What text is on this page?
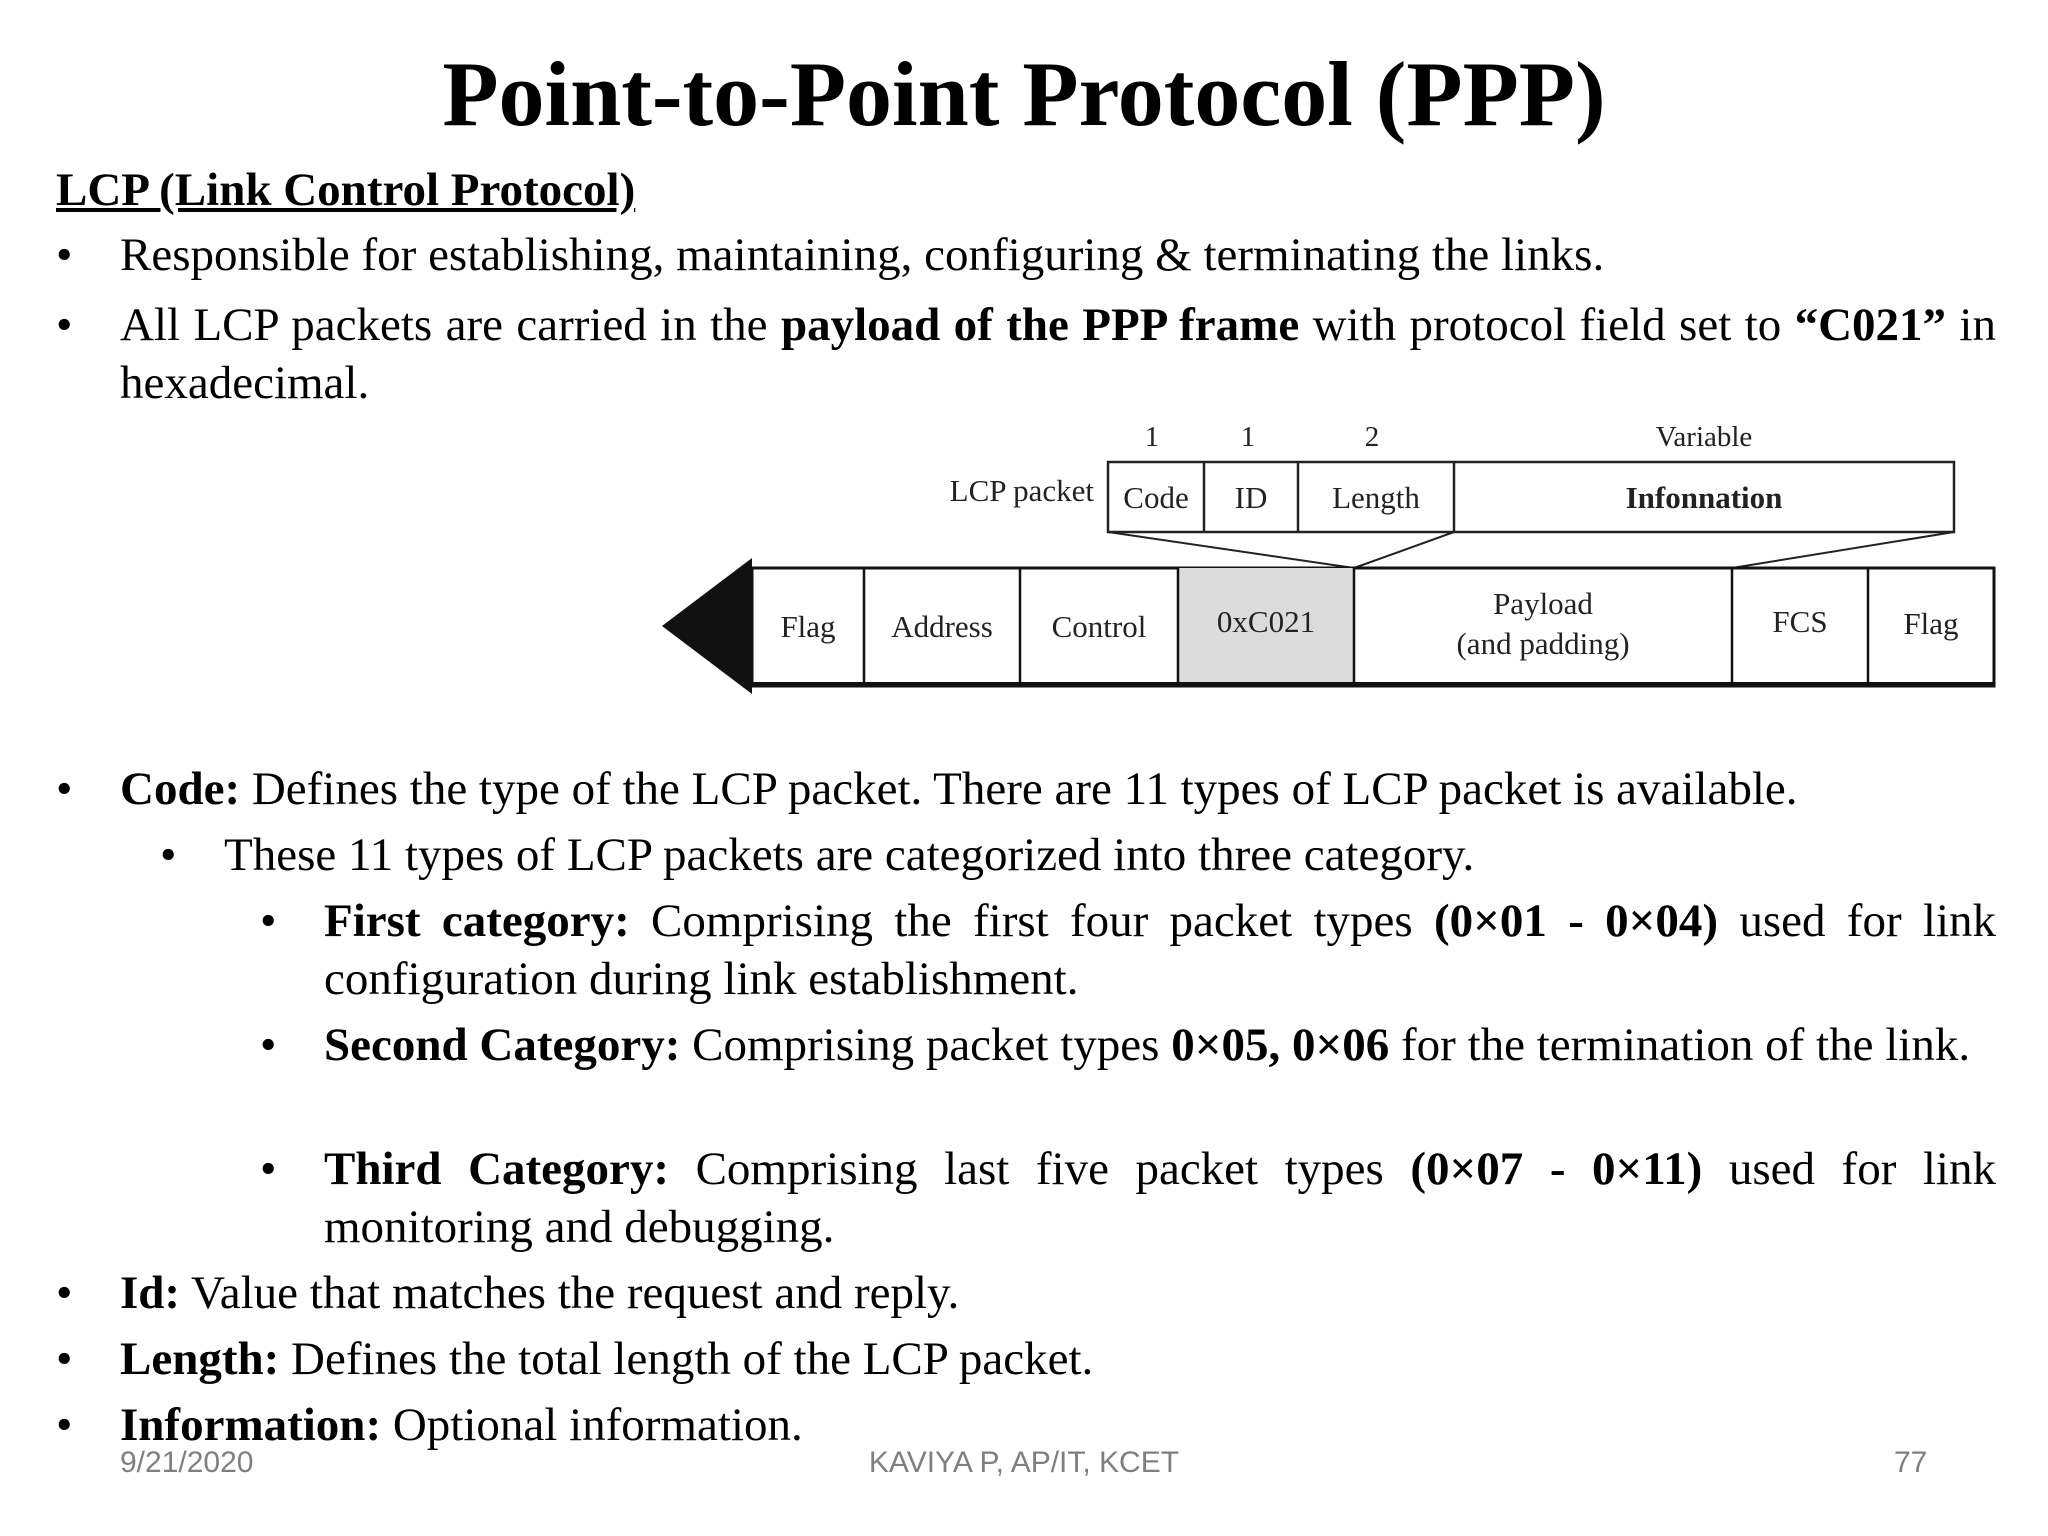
Point-to-Point Protocol (PPP)
LCP (Link Control Protocol)
• Responsible for establishing, maintaining, configuring & terminating the links.
• All LCP packets are carried in the payload of the PPP frame with protocol field set to “C021” in hexadecimal.
1	1	2	Variable
LCP packet Code ID Length	Infonnation
Flag Address Control 0xC021
Payload
(and padding)
FCS Flag
• Code: Defines the type of the LCP packet. There are 11 types of LCP packet is available.
• These 11 types of LCP packets are categorized into three category.
• First category: Comprising the first four packet types (0×01 - 0×04) used for link configuration during link establishment.
• Second Category: Comprising packet types 0×05, 0×06 for the termination of the link.
• Third Category: Comprising last five packet types (0×07 - 0×11) used for link monitoring and debugging.
• Id: Value that matches the request and reply.
• Length: Defines the total length of the LCP packet.
• Information: Optional information.
9/21/2020	KAVIYA P, AP/IT, KCET	77
